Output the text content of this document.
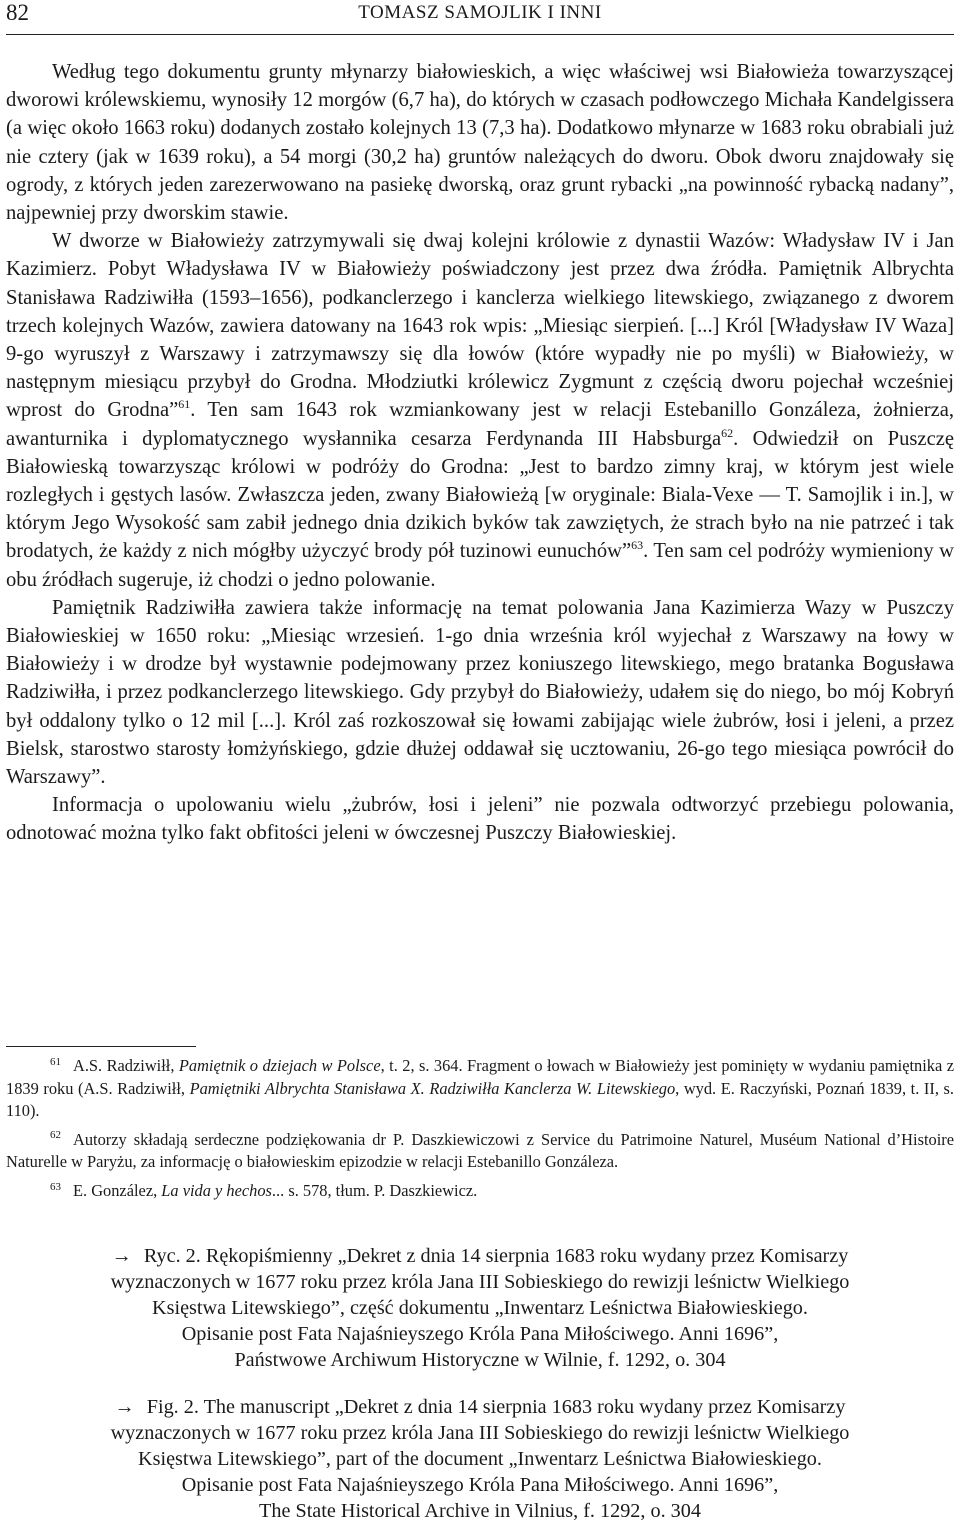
82	TOMASZ SAMOJLIK I INNI

Według tego dokumentu grunty młynarzy białowieskich, a więc właściwej wsi Białowieża towarzyszącej dworowi królewskiemu, wynosiły 12 morgów (6,7 ha), do których w czasach podłowczego Michała Kandelgissera (a więc około 1663 roku) dodanych zostało kolejnych 13 (7,3 ha). Dodatkowo młynarze w 1683 roku obrabiali już nie cztery (jak w 1639 roku), a 54 morgi (30,2 ha) gruntów należących do dworu. Obok dworu znajdowały się ogrody, z których jeden zarezerwowano na pasiekę dworską, oraz grunt rybacki „na powinność rybacką nadany”, najpewniej przy dworskim stawie.

W dworze w Białowieży zatrzymywali się dwaj kolejni królowie z dynastii Wazów: Władysław IV i Jan Kazimierz. Pobyt Władysława IV w Białowieży poświadczony jest przez dwa źródła. Pamiętnik Albrychta Stanisława Radziwiłła (1593–1656), podkanclerzego i kanclerza wielkiego litewskiego, związanego z dworem trzech kolejnych Wazów, zawiera datowany na 1643 rok wpis: „Miesiąc sierpień. [...] Król [Władysław IV Waza] 9-go wyruszył z Warszawy i zatrzymawszy się dla łowów (które wypadły nie po myśli) w Białowieży, w następnym miesiącu przybył do Grodna. Młodziutki królewicz Zygmunt z częścią dworu pojechał wcześniej wprost do Grodna”$^{61}$. Ten sam 1643 rok wzmiankowany jest w relacji Estebanillo Gonzáleza, żołnierza, awanturnika i dyplomatycznego wysłannika cesarza Ferdynanda III Habsburga$^{62}$. Odwiedził on Puszczę Białowieską towarzysząc królowi w podróży do Grodna: „Jest to bardzo zimny kraj, w którym jest wiele rozległych i gęstych lasów. Zwłaszcza jeden, zwany Białowieżą [w oryginale: Biala-Vexe — T. Samojlik i in.], w którym Jego Wysokość sam zabił jednego dnia dzikich byków tak zawziętych, że strach było na nie patrzeć i tak brodatych, że każdy z nich mógłby użyczyć brody pół tuzinowi eunuchów”$^{63}$. Ten sam cel podróży wymieniony w obu źródłach sugeruje, iż chodzi o jedno polowanie.

Pamiętnik Radziwiłła zawiera także informację na temat polowania Jana Kazimierza Wazy w Puszczy Białowieskiej w 1650 roku: „Miesiąc wrzesień. 1-go dnia września król wyjechał z Warszawy na łowy w Białowieży i w drodze był wystawnie podejmowany przez koniuszego litewskiego, mego bratanka Bogusława Radziwiłła, i przez podkanclerzego litewskiego. Gdy przybył do Białowieży, udałem się do niego, bo mój Kobryń był oddalony tylko o 12 mil [...]. Król zaś rozkoszował się łowami zabijając wiele żubrów, łosi i jeleni, a przez Bielsk, starostwo starosty łomżyńskiego, gdzie dłużej oddawał się ucztowaniu, 26-go tego miesiąca powrócił do Warszawy”.

Informacja o upolowaniu wielu „żubrów, łosi i jeleni” nie pozwala odtworzyć przebiegu polowania, odnotować można tylko fakt obfitości jeleni w ówczesnej Puszczy Białowieskiej.

$^{61}$ A.S. Radziwiłł, Pamiętnik o dziejach w Polsce, t. 2, s. 364. Fragment o łowach w Białowieży jest pominięty w wydaniu pamiętnika z 1839 roku (A.S. Radziwiłł, Pamiętniki Albrychta Stanisława X. Radziwiłła Kanclerza W. Litewskiego, wyd. E. Raczyński, Poznań 1839, t. II, s. 110).

$^{62}$ Autorzy składają serdeczne podziękowania dr P. Daszkiewiczowi z Service du Patrimoine Naturel, Muséum National d’Histoire Naturelle w Paryżu, za informację o białowieskim epizodzie w relacji Estebanillo Gonzáleza.

$^{63}$ E. González, La vida y hechos... s. 578, tłum. P. Daszkiewicz.

→ Ryc. 2. Rękopiśmienny „Dekret z dnia 14 sierpnia 1683 roku wydany przez Komisarzy
wyznaczonych w 1677 roku przez króla Jana III Sobieskiego do rewizji leśnictw Wielkiego
Księstwa Litewskiego”, część dokumentu „Inwentarz Leśnictwa Białowieskiego.
Opisanie post Fata Najaśnieyszego Króla Pana Miłościwego. Anni 1696”,
Państwowe Archiwum Historyczne w Wilnie, f. 1292, o. 304
→ Fig. 2. The manuscript „Dekret z dnia 14 sierpnia 1683 roku wydany przez Komisarzy
wyznaczonych w 1677 roku przez króla Jana III Sobieskiego do rewizji leśnictw Wielkiego
Księstwa Litewskiego”, part of the document „Inwentarz Leśnictwa Białowieskiego.
Opisanie post Fata Najaśnieyszego Króla Pana Miłościwego. Anni 1696”,
The State Historical Archive in Vilnius, f. 1292, o. 304
